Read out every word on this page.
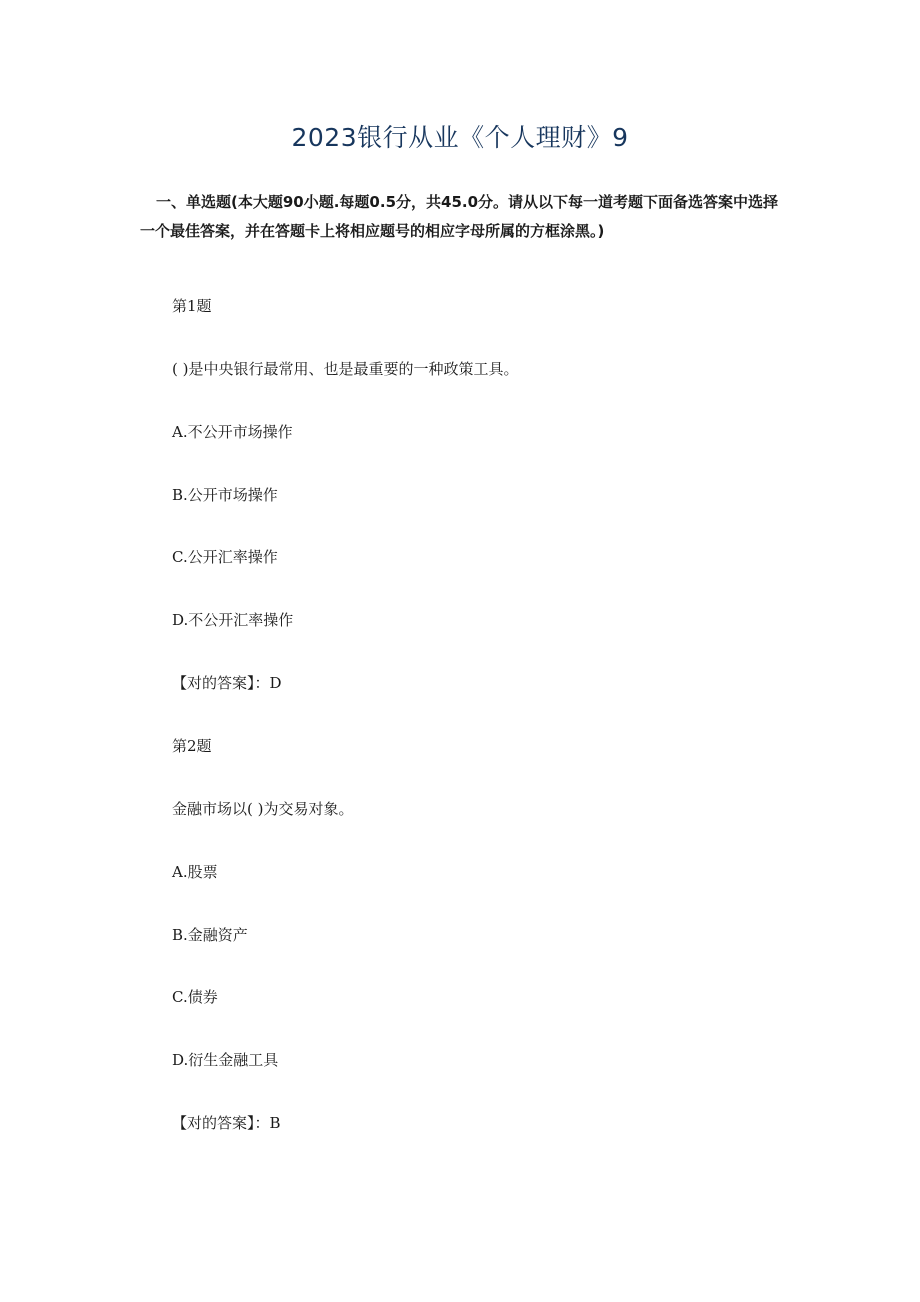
2023银行从业《个人理财》9
一、单选题(本大题90小题.每题0.5分，共45.0分。请从以下每一道考题下面备选答案中选择一个最佳答案，并在答题卡上将相应题号的相应字母所属的方框涂黑。)
第1题
( )是中央银行最常用、也是最重要的一种政策工具。
A.不公开市场操作
B.公开市场操作
C.公开汇率操作
D.不公开汇率操作
【对的答案】：D
第2题
金融市场以( )为交易对象。
A.股票
B.金融资产
C.债券
D.衍生金融工具
【对的答案】：B
